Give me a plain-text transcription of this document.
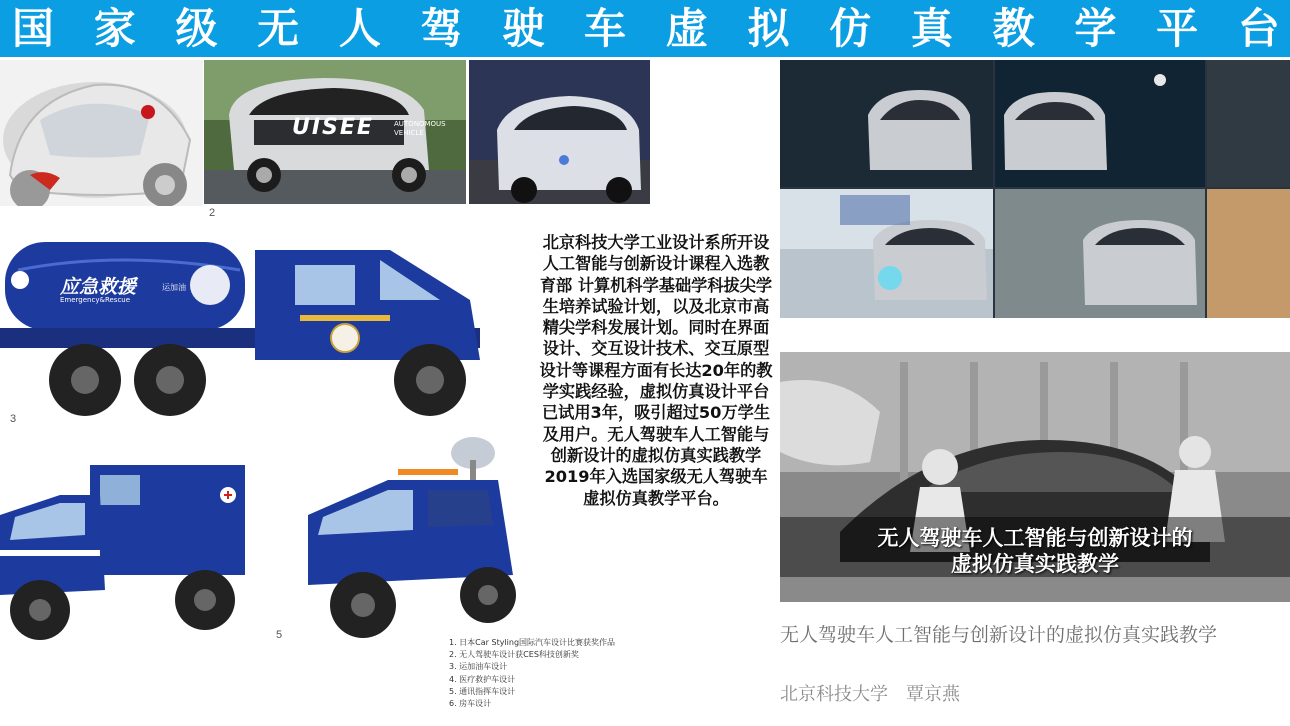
国 家 级 无 人 驾 驶 车 虚 拟 仿 真 教 学 平 台
UISEE	AUTONOMOUS VEHICLE
2
应急救援
Emergency&Rescue
运加油
3
5
北京科技大学工业设计系所开设人工智能与创新设计课程入选教育部 计算机科学基础学科拔尖学生培养试验计划，以及北京市高精尖学科发展计划。同时在界面设计、交互设计技术、交互原型设计等课程方面有长达20年的教学实践经验，虚拟仿真设计平台已试用3年，吸引超过50万学生及用户。无人驾驶车人工智能与创新设计的虚拟仿真实践教学2019年入选国家级无人驾驶车虚拟仿真教学平台。
1. 日本Car Styling国际汽车设计比赛获奖作品
2. 无人驾驶车设计获CES科技创新奖
3. 运加油车设计
4. 医疗救护车设计
5. 通讯指挥车设计
6. 房车设计
无人驾驶车人工智能与创新设计的
虚拟仿真实践教学
无人驾驶车人工智能与创新设计的虚拟仿真实践教学
北京科技大学　覃京燕
